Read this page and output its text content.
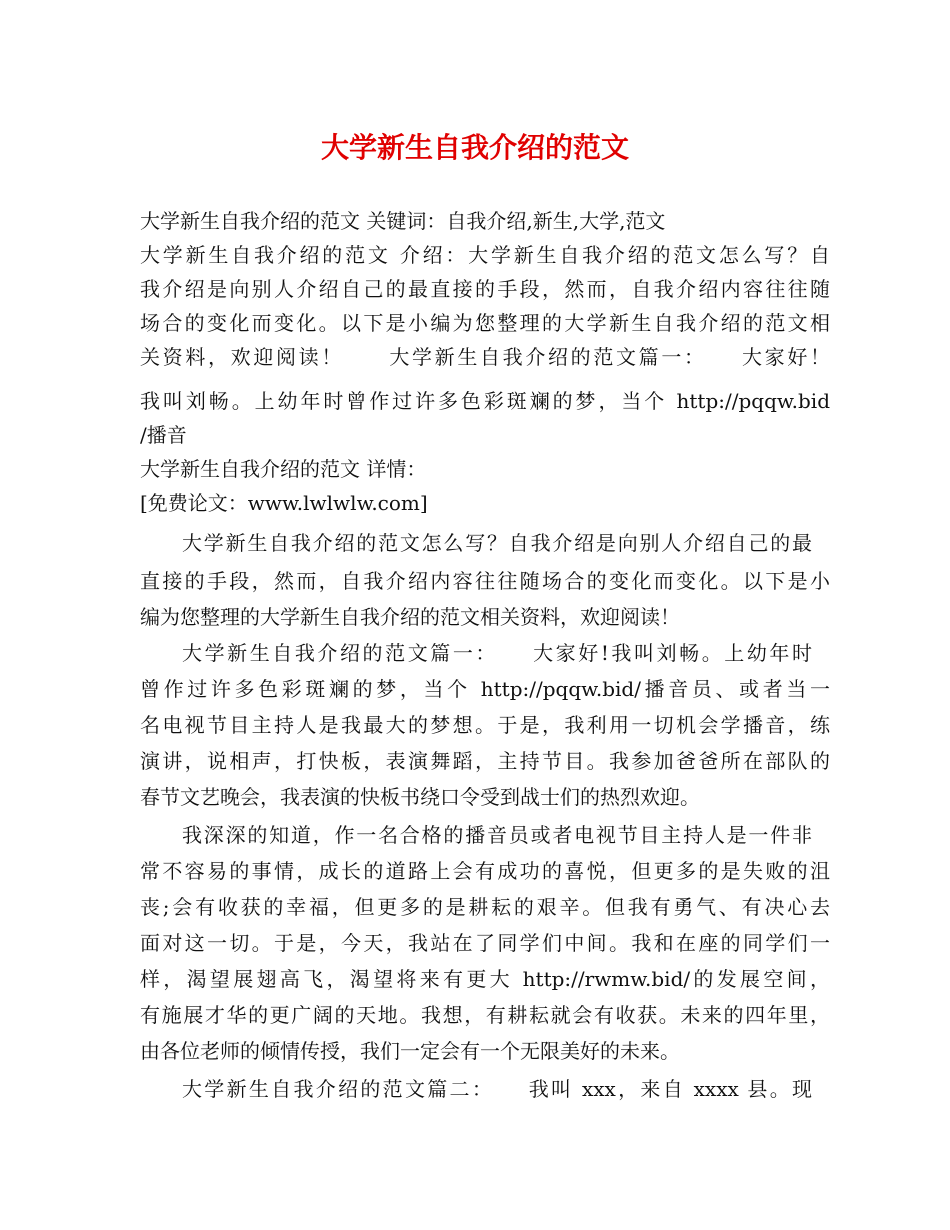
大学新生自我介绍的范文
大学新生自我介绍的范文 关键词：自我介绍,新生,大学,范文
大学新生自我介绍的范文 介绍：大学新生自我介绍的范文怎么写？自
我介绍是向别人介绍自己的最直接的手段，然而，自我介绍内容往往随
场合的变化而变化。以下是小编为您整理的大学新生自我介绍的范文相
关资料，欢迎阅读！　　大学新生自我介绍的范文篇一：　　大家好！
我叫刘畅。上幼年时曾作过许多色彩斑斓的梦，当个 http://pqqw.bid
/播音
大学新生自我介绍的范文 详情：
[免费论文：www.lwlwlw.com]
大学新生自我介绍的范文怎么写？自我介绍是向别人介绍自己的最
直接的手段，然而，自我介绍内容往往随场合的变化而变化。以下是小
编为您整理的大学新生自我介绍的范文相关资料，欢迎阅读！
大学新生自我介绍的范文篇一：　　大家好!我叫刘畅。上幼年时
曾作过许多色彩斑斓的梦，当个 http://pqqw.bid/播音员、或者当一
名电视节目主持人是我最大的梦想。于是，我利用一切机会学播音，练
演讲，说相声，打快板，表演舞蹈，主持节目。我参加爸爸所在部队的
春节文艺晚会，我表演的快板书绕口令受到战士们的热烈欢迎。
我深深的知道，作一名合格的播音员或者电视节目主持人是一件非
常不容易的事情，成长的道路上会有成功的喜悦，但更多的是失败的沮
丧;会有收获的幸福，但更多的是耕耘的艰辛。但我有勇气、有决心去
面对这一切。于是，今天，我站在了同学们中间。我和在座的同学们一
样，渴望展翅高飞，渴望将来有更大 http://rwmw.bid/的发展空间，
有施展才华的更广阔的天地。我想，有耕耘就会有收获。未来的四年里，
由各位老师的倾情传授，我们一定会有一个无限美好的未来。
大学新生自我介绍的范文篇二：　　我叫 xxx，来自 xxxx 县。现
